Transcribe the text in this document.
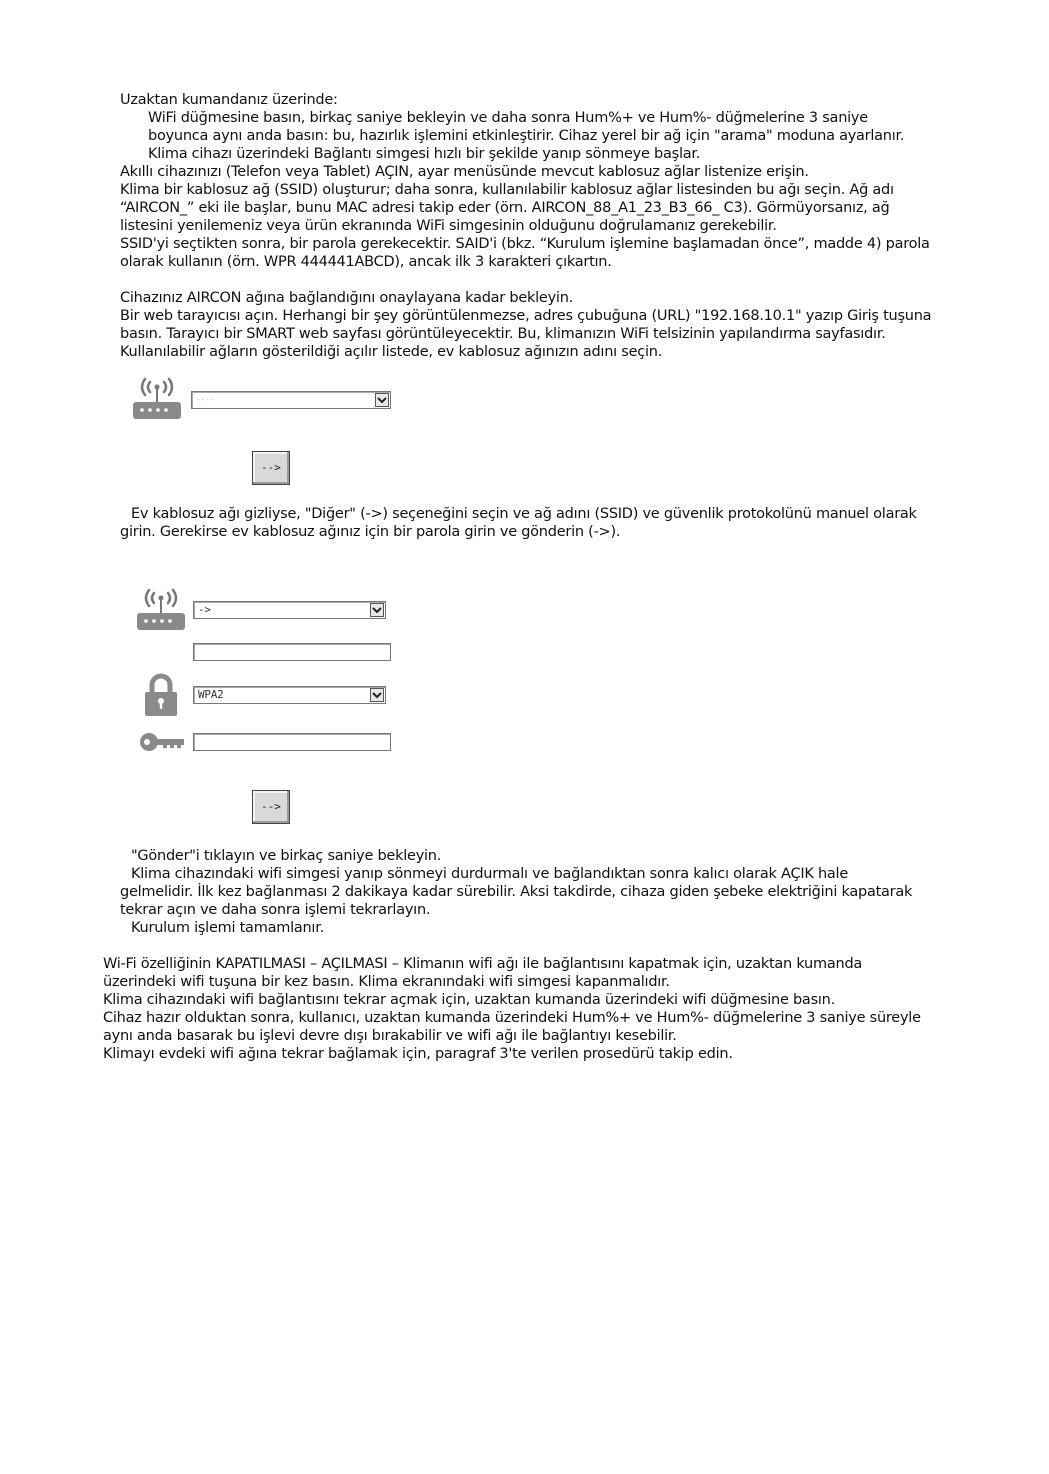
Uzaktan kumandanız üzerinde:
WiFi düğmesine basın, birkaç saniye bekleyin ve daha sonra Hum%+ ve Hum%- düğmelerine 3 saniye
boyunca aynı anda basın: bu, hazırlık işlemini etkinleştirir. Cihaz yerel bir ağ için "arama" moduna ayarlanır.
Klima cihazı üzerindeki Bağlantı simgesi hızlı bir şekilde yanıp sönmeye başlar.
Akıllı cihazınızı (Telefon veya Tablet) AÇIN, ayar menüsünde mevcut kablosuz ağlar listenize erişin.
Klima bir kablosuz ağ (SSID) oluşturur; daha sonra, kullanılabilir kablosuz ağlar listesinden bu ağı seçin. Ağ adı
“AIRCON_” eki ile başlar, bunu MAC adresi takip eder (örn. AIRCON_88_A1_23_B3_66_ C3). Görmüyorsanız, ağ
listesini yenilemeniz veya ürün ekranında WiFi simgesinin olduğunu doğrulamanız gerekebilir.
SSID'yi seçtikten sonra, bir parola gerekecektir. SAID'i (bkz. “Kurulum işlemine başlamadan önce”, madde 4) parola
olarak kullanın (örn. WPR 444441ABCD), ancak ilk 3 karakteri çıkartın.
Cihazınız AIRCON ağına bağlandığını onaylayana kadar bekleyin.
Bir web tarayıcısı açın. Herhangi bir şey görüntülenmezse, adres çubuğuna (URL) "192.168.10.1" yazıp Giriş tuşuna
basın. Tarayıcı bir SMART web sayfası görüntüleyecektir. Bu, klimanızın WiFi telsizinin yapılandırma sayfasıdır.
Kullanılabilir ağların gösterildiği açılır listede, ev kablosuz ağınızın adını seçin.
----
-->
Ev kablosuz ağı gizliyse, "Diğer" (->) seçeneğini seçin ve ağ adını (SSID) ve güvenlik protokolünü manuel olarak
girin. Gerekirse ev kablosuz ağınız için bir parola girin ve gönderin (->).
->
WPA2
-->
"Gönder"i tıklayın ve birkaç saniye bekleyin.
Klima cihazındaki wifi simgesi yanıp sönmeyi durdurmalı ve bağlandıktan sonra kalıcı olarak AÇIK hale
gelmelidir. İlk kez bağlanması 2 dakikaya kadar sürebilir. Aksi takdirde, cihaza giden şebeke elektriğini kapatarak
tekrar açın ve daha sonra işlemi tekrarlayın.
Kurulum işlemi tamamlanır.
Wi-Fi özelliğinin KAPATILMASI – AÇILMASI – Klimanın wifi ağı ile bağlantısını kapatmak için, uzaktan kumanda
üzerindeki wifi tuşuna bir kez basın. Klima ekranındaki wifi simgesi kapanmalıdır.
Klima cihazındaki wifi bağlantısını tekrar açmak için, uzaktan kumanda üzerindeki wifi düğmesine basın.
Cihaz hazır olduktan sonra, kullanıcı, uzaktan kumanda üzerindeki Hum%+ ve Hum%- düğmelerine 3 saniye süreyle
aynı anda basarak bu işlevi devre dışı bırakabilir ve wifi ağı ile bağlantıyı kesebilir.
Klimayı evdeki wifi ağına tekrar bağlamak için, paragraf 3'te verilen prosedürü takip edin.
